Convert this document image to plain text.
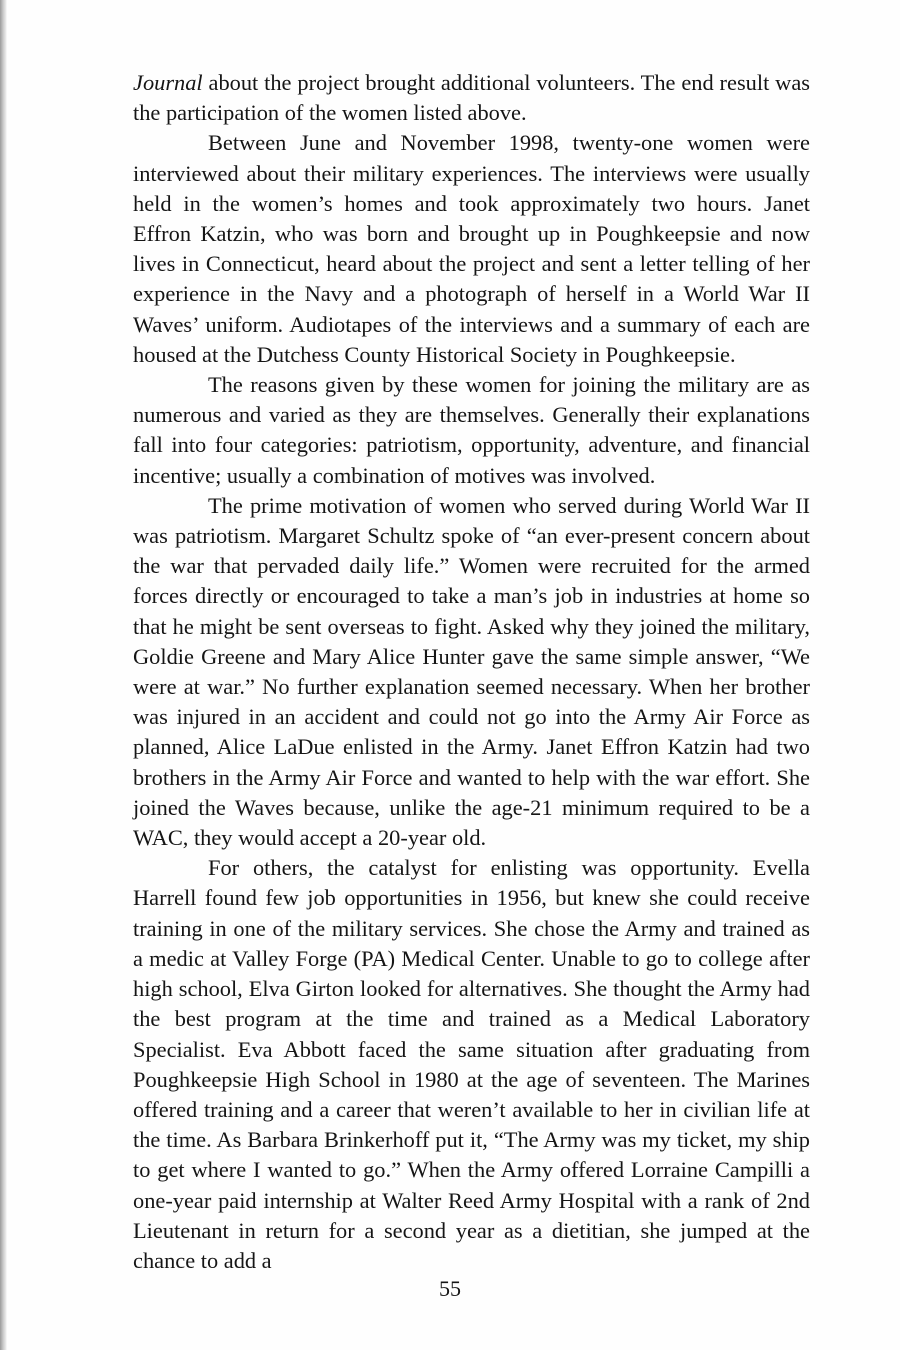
Journal about the project brought additional volunteers. The end result was the participation of the women listed above.

Between June and November 1998, twenty-one women were interviewed about their military experiences. The interviews were usually held in the women’s homes and took approximately two hours. Janet Effron Katzin, who was born and brought up in Poughkeepsie and now lives in Connecticut, heard about the project and sent a letter telling of her experience in the Navy and a photograph of herself in a World War II Waves’ uniform. Audiotapes of the interviews and a summary of each are housed at the Dutchess County Historical Society in Poughkeepsie.

The reasons given by these women for joining the military are as numerous and varied as they are themselves. Generally their explanations fall into four categories: patriotism, opportunity, adventure, and financial incentive; usually a combination of motives was involved.

The prime motivation of women who served during World War II was patriotism. Margaret Schultz spoke of “an ever-present concern about the war that pervaded daily life.” Women were recruited for the armed forces directly or encouraged to take a man’s job in industries at home so that he might be sent overseas to fight. Asked why they joined the military, Goldie Greene and Mary Alice Hunter gave the same simple answer, “We were at war.” No further explanation seemed necessary. When her brother was injured in an accident and could not go into the Army Air Force as planned, Alice LaDue enlisted in the Army. Janet Effron Katzin had two brothers in the Army Air Force and wanted to help with the war effort. She joined the Waves because, unlike the age-21 minimum required to be a WAC, they would accept a 20-year old.

For others, the catalyst for enlisting was opportunity. Evella Harrell found few job opportunities in 1956, but knew she could receive training in one of the military services. She chose the Army and trained as a medic at Valley Forge (PA) Medical Center. Unable to go to college after high school, Elva Girton looked for alternatives. She thought the Army had the best program at the time and trained as a Medical Laboratory Specialist. Eva Abbott faced the same situation after graduating from Poughkeepsie High School in 1980 at the age of seventeen. The Marines offered training and a career that weren’t available to her in civilian life at the time. As Barbara Brinkerhoff put it, “The Army was my ticket, my ship to get where I wanted to go.” When the Army offered Lorraine Campilli a one-year paid internship at Walter Reed Army Hospital with a rank of 2nd Lieutenant in return for a second year as a dietitian, she jumped at the chance to add a

55
